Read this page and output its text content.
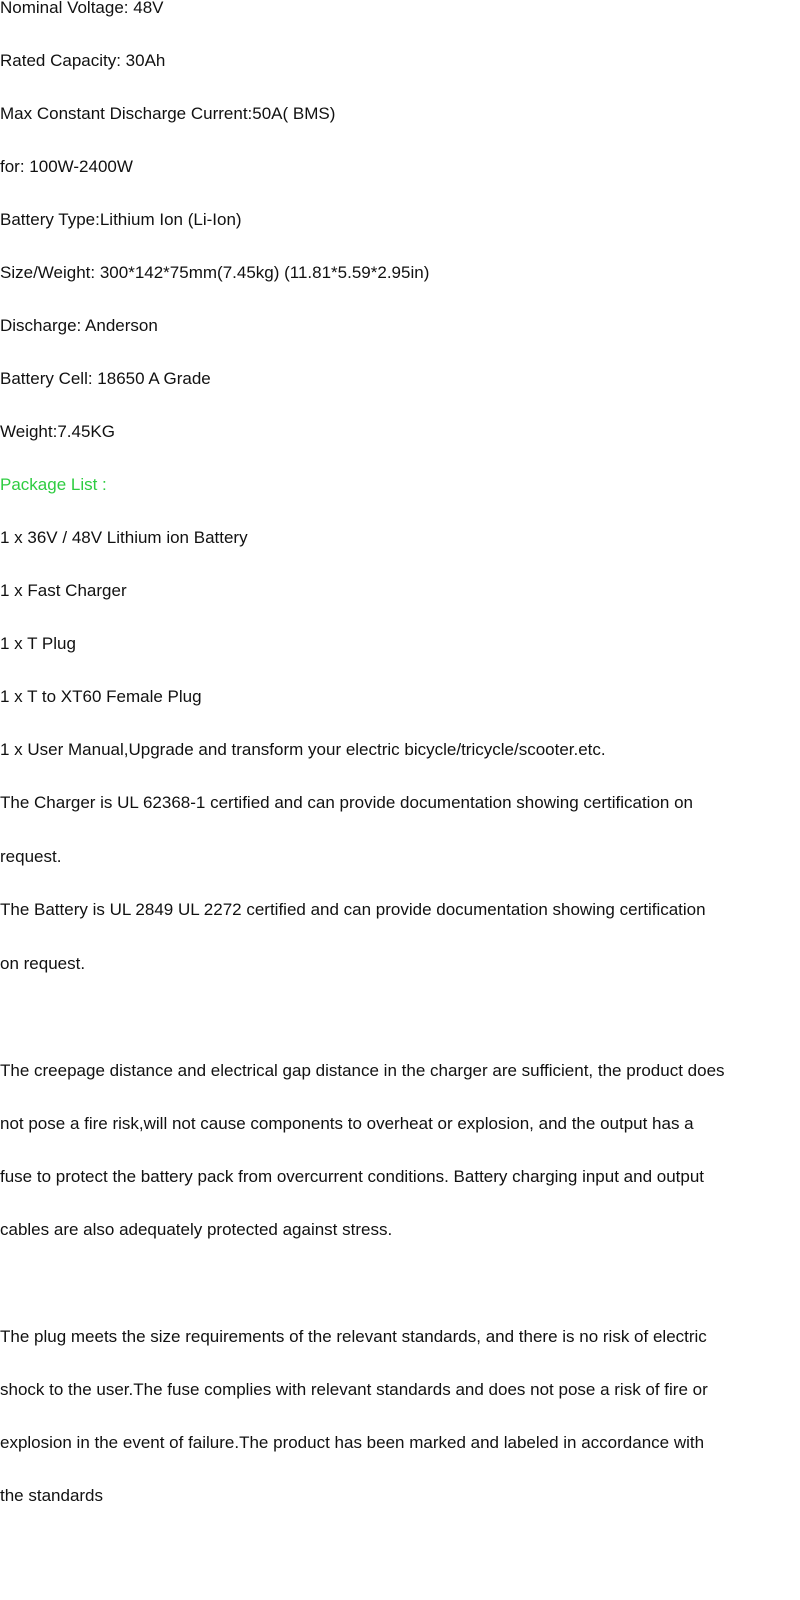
Nominal Voltage: 48V

Rated Capacity: 30Ah

Max Constant Discharge Current:50A( BMS)

for: 100W-2400W

Battery Type:Lithium Ion (Li-Ion)

Size/Weight: 300*142*75mm(7.45kg) (11.81*5.59*2.95in)

Discharge: Anderson

Battery Cell: 18650 A Grade

Weight:7.45KG

Package List :

1 x 36V / 48V Lithium ion Battery

1 x Fast Charger

1 x T Plug

1 x T to XT60 Female Plug

1 x User Manual,Upgrade and transform your electric bicycle/tricycle/scooter.etc.

The Charger is UL 62368-1 certified and can provide documentation showing certification on

request.

The Battery is UL 2849 UL 2272 certified and can provide documentation showing certification

on request.

The creepage distance and electrical gap distance in the charger are sufficient, the product does

not pose a fire risk,will not cause components to overheat or explosion, and the output has a

fuse to protect the battery pack from overcurrent conditions. Battery charging input and output

cables are also adequately protected against stress.

The plug meets the size requirements of the relevant standards, and there is no risk of electric

shock to the user.The fuse complies with relevant standards and does not pose a risk of fire or

explosion in the event of failure.The product has been marked and labeled in accordance with

the standards
